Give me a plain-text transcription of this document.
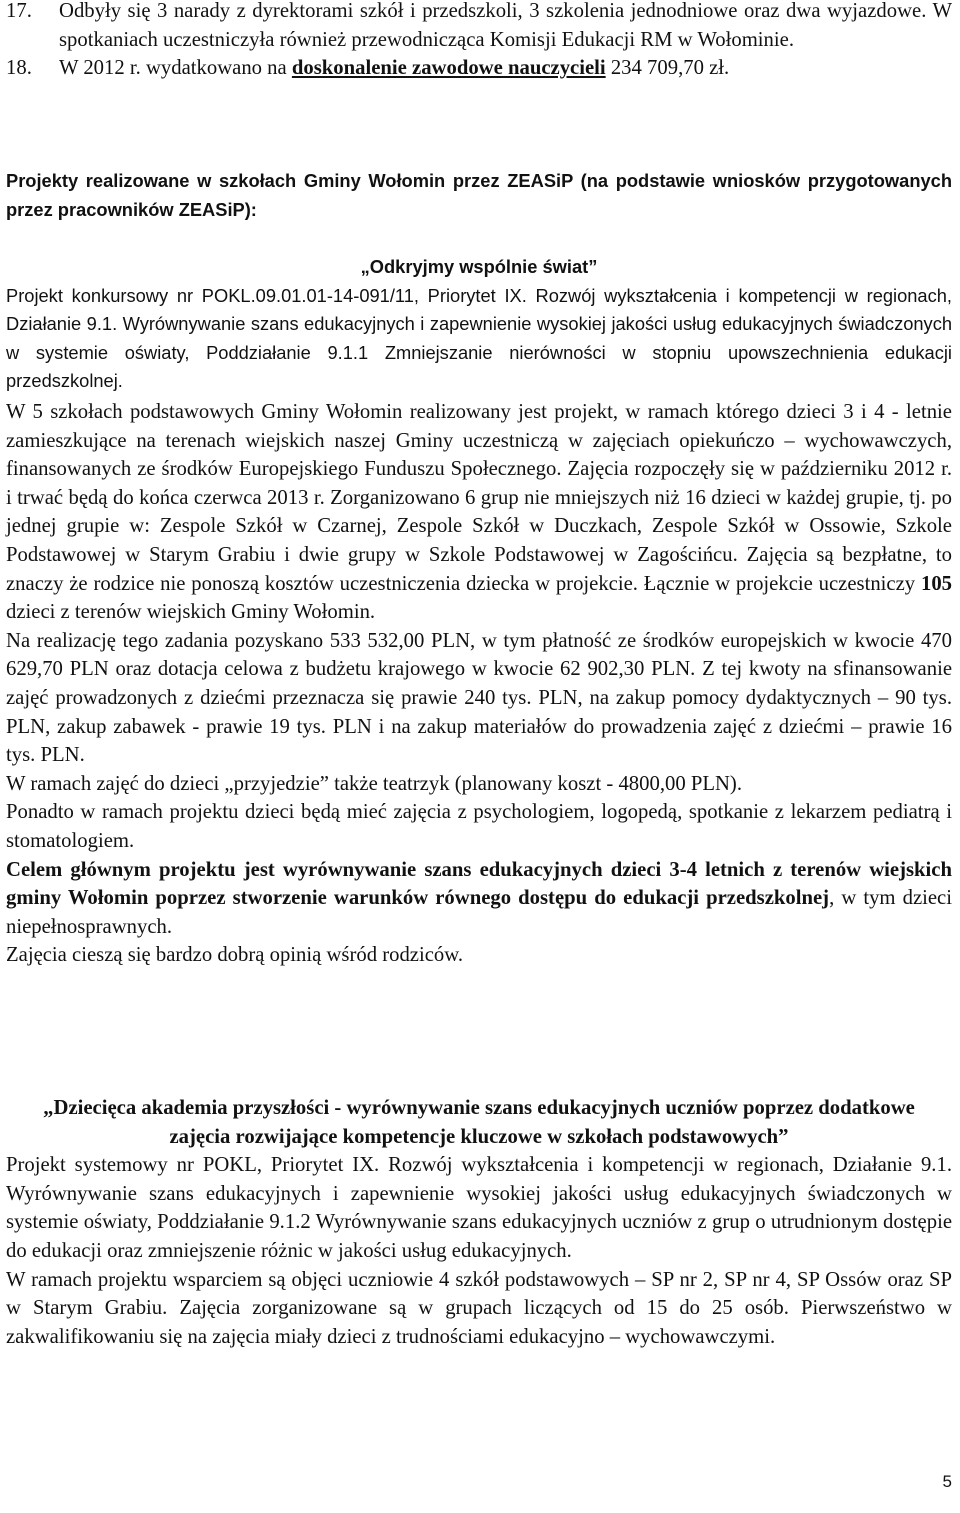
17. Odbyły się 3 narady z dyrektorami szkół i przedszkoli, 3 szkolenia jednodniowe oraz dwa wyjazdowe. W spotkaniach uczestniczyła również przewodnicząca Komisji Edukacji RM w Wołominie.

18. W 2012 r. wydatkowano na doskonalenie zawodowe nauczycieli 234 709,70 zł.

Projekty realizowane w szkołach Gminy Wołomin przez ZEASiP (na podstawie wniosków przygotowanych przez pracowników ZEASiP):

„Odkryjmy wspólnie świat”

Projekt konkursowy nr POKL.09.01.01-14-091/11, Priorytet IX. Rozwój wykształcenia i kompetencji w regionach, Działanie 9.1. Wyrównywanie szans edukacyjnych i zapewnienie wysokiej jakości usług edukacyjnych świadczonych w systemie oświaty, Poddziałanie 9.1.1 Zmniejszanie nierówności w stopniu upowszechnienia edukacji przedszkolnej.

W 5 szkołach podstawowych Gminy Wołomin realizowany jest projekt, w ramach którego dzieci 3 i 4 - letnie zamieszkujące na terenach wiejskich naszej Gminy uczestniczą w zajęciach opiekuńczo – wychowawczych, finansowanych ze środków Europejskiego Funduszu Społecznego. Zajęcia rozpoczęły się w październiku 2012 r. i trwać będą do końca czerwca 2013 r. Zorganizowano 6 grup nie mniejszych niż 16 dzieci w każdej grupie, tj. po jednej grupie w: Zespole Szkół w Czarnej, Zespole Szkół w Duczkach, Zespole Szkół w Ossowie, Szkole Podstawowej w Starym Grabiu i dwie grupy w Szkole Podstawowej w Zagościńcu. Zajęcia są bezpłatne, to znaczy że rodzice nie ponoszą kosztów uczestniczenia dziecka w projekcie. Łącznie w projekcie uczestniczy 105 dzieci z terenów wiejskich Gminy Wołomin.

Na realizację tego zadania pozyskano 533 532,00 PLN, w tym płatność ze środków europejskich w kwocie 470 629,70 PLN oraz dotacja celowa z budżetu krajowego w kwocie 62 902,30 PLN. Z tej kwoty na sfinansowanie zajęć prowadzonych z dziećmi przeznacza się prawie 240 tys. PLN, na zakup pomocy dydaktycznych – 90 tys. PLN, zakup zabawek - prawie 19 tys. PLN i na zakup materiałów do prowadzenia zajęć z dziećmi – prawie 16 tys. PLN.

W ramach zajęć do dzieci „przyjedzie” także teatrzyk (planowany koszt - 4800,00 PLN).

Ponadto w ramach projektu dzieci będą mieć zajęcia z psychologiem, logopedą, spotkanie z lekarzem pediatrą i stomatologiem.

Celem głównym projektu jest wyrównywanie szans edukacyjnych dzieci 3-4 letnich z terenów wiejskich gminy Wołomin poprzez stworzenie warunków równego dostępu do edukacji przedszkolnej, w tym dzieci niepełnosprawnych.

Zajęcia cieszą się bardzo dobrą opinią wśród rodziców.

„Dziecięca akademia przyszłości - wyrównywanie szans edukacyjnych uczniów poprzez dodatkowe zajęcia rozwijające kompetencje kluczowe w szkołach podstawowych”

Projekt systemowy nr POKL, Priorytet IX. Rozwój wykształcenia i kompetencji w regionach, Działanie 9.1. Wyrównywanie szans edukacyjnych i zapewnienie wysokiej jakości usług edukacyjnych świadczonych w systemie oświaty, Poddziałanie 9.1.2 Wyrównywanie szans edukacyjnych uczniów z grup o utrudnionym dostępie do edukacji oraz zmniejszenie różnic w jakości usług edukacyjnych.

W ramach projektu wsparciem są objęci uczniowie 4 szkół podstawowych – SP nr 2, SP nr 4, SP Ossów oraz SP w Starym Grabiu. Zajęcia zorganizowane są w grupach liczących od 15 do 25 osób. Pierwszeństwo w zakwalifikowaniu się na zajęcia miały dzieci z trudnościami edukacyjno – wychowawczymi.

5
